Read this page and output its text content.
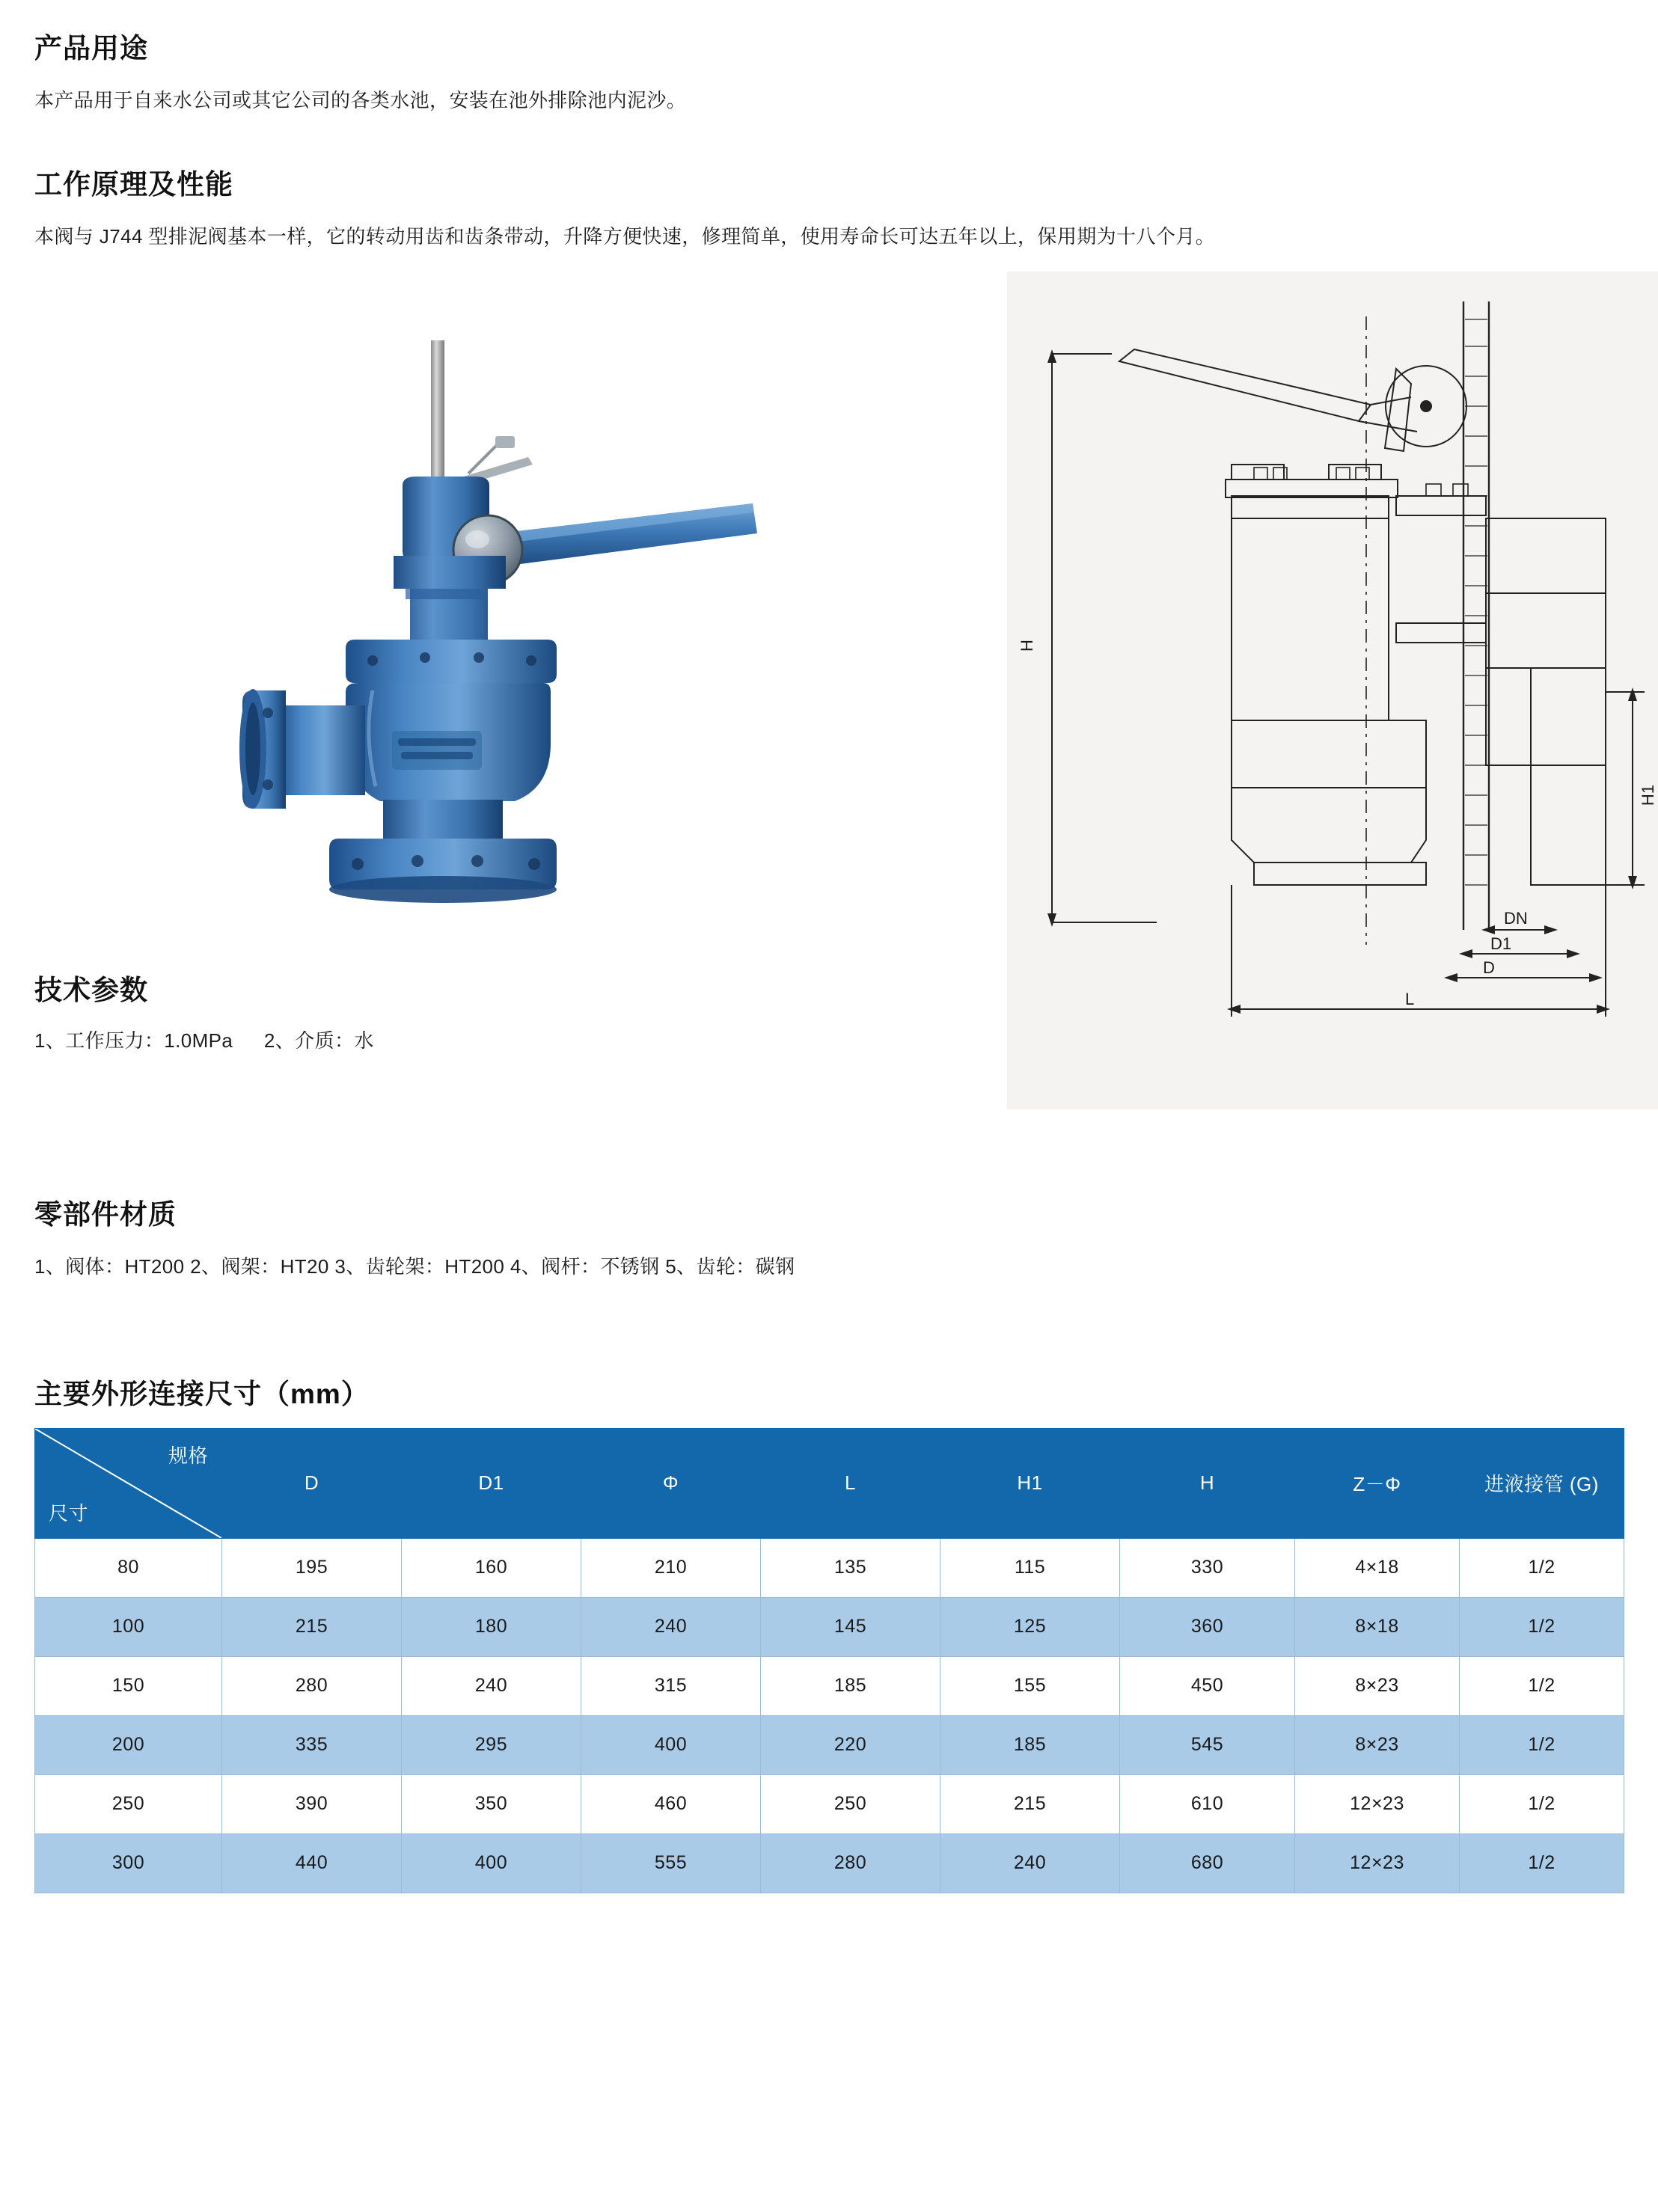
产品用途

本产品用于自来水公司或其它公司的各类水池，安装在池外排除池内泥沙。

工作原理及性能

本阀与 J744 型排泥阀基本一样，它的转动用齿和齿条带动，升降方便快速，修理简单，使用寿命长可达五年以上，保用期为十八个月。

H
H1
DN
D1
D
L
技术参数

1、工作压力：1.0MPa 　 2、介质：水

零部件材质

1、阀体：HT200 2、阀架：HT20 3、齿轮架：HT200 4、阀杆：不锈钢 5、齿轮：碳钢

主要外形连接尺寸（mm）
规格
尺寸	D	D1	Φ	L	H1	H	Z－Φ	进液接管 (G)
80	195	160	210	135	115	330	4×18	1/2
100	215	180	240	145	125	360	8×18	1/2
150	280	240	315	185	155	450	8×23	1/2
200	335	295	400	220	185	545	8×23	1/2
250	390	350	460	250	215	610	12×23	1/2
300	440	400	555	280	240	680	12×23	1/2
